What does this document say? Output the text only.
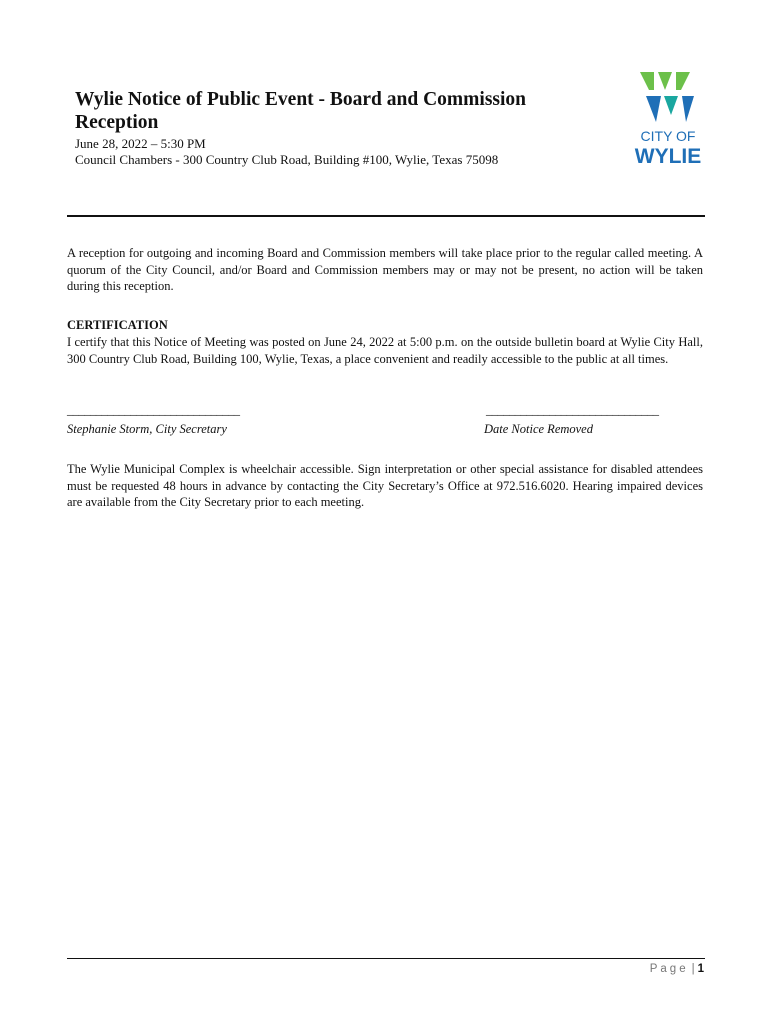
Wylie Notice of Public Event - Board and Commission Reception
June 28, 2022 – 5:30 PM
Council Chambers - 300 Country Club Road, Building #100, Wylie, Texas 75098
CITY OF
WYLIE

A reception for outgoing and incoming Board and Commission members will take place prior to the regular called meeting. A quorum of the City Council, and/or Board and Commission members may or may not be present, no action will be taken during this reception.

CERTIFICATION

I certify that this Notice of Meeting was posted on June 24, 2022 at 5:00 p.m. on the outside bulletin board at Wylie City Hall, 300 Country Club Road, Building 100, Wylie, Texas, a place convenient and readily accessible to the public at all times.

______________________________	______________________________
Stephanie Storm, City Secretary	Date Notice Removed

The Wylie Municipal Complex is wheelchair accessible. Sign interpretation or other special assistance for disabled attendees must be requested 48 hours in advance by contacting the City Secretary’s Office at 972.516.6020. Hearing impaired devices are available from the City Secretary prior to each meeting.

Page | 1
